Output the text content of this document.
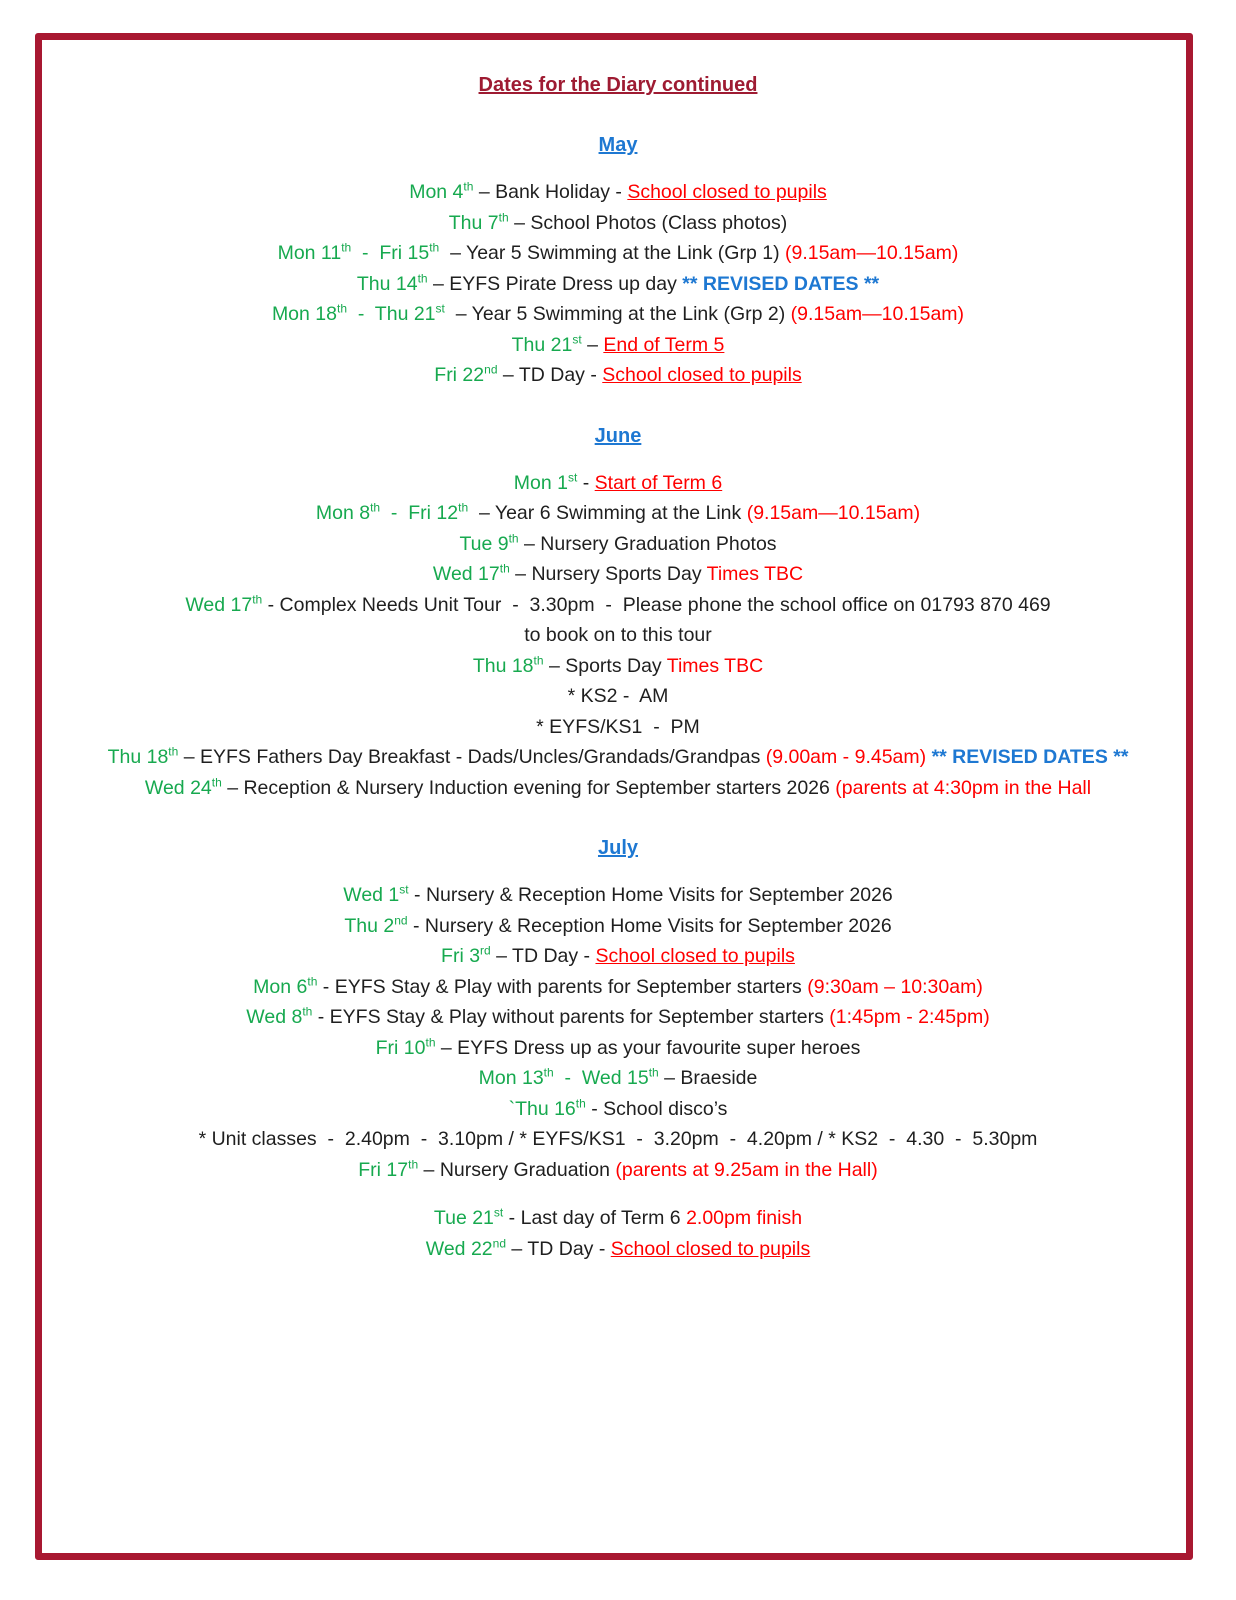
Dates for the Diary continued
May
Mon 4th – Bank Holiday - School closed to pupils
Thu 7th – School Photos (Class photos)
Mon 11th  -  Fri 15th  – Year 5 Swimming at the Link (Grp 1) (9.15am—10.15am)
Thu 14th – EYFS Pirate Dress up day ** REVISED DATES **
Mon 18th  -  Thu 21st  – Year 5 Swimming at the Link (Grp 2) (9.15am—10.15am)
Thu 21st – End of Term 5
Fri 22nd – TD Day - School closed to pupils
June
Mon 1st - Start of Term 6
Mon 8th  -  Fri 12th  – Year 6 Swimming at the Link (9.15am—10.15am)
Tue 9th – Nursery Graduation Photos
Wed 17th – Nursery Sports Day Times TBC
Wed 17th - Complex Needs Unit Tour  -  3.30pm  -  Please phone the school office on 01793 870 469
to book on to this tour
Thu 18th – Sports Day Times TBC
* KS2 -  AM
* EYFS/KS1  -  PM
Thu 18th – EYFS Fathers Day Breakfast - Dads/Uncles/Grandads/Grandpas (9.00am - 9.45am) ** REVISED DATES **
Wed 24th – Reception & Nursery Induction evening for September starters 2026 (parents at 4:30pm in the Hall
July
Wed 1st - Nursery & Reception Home Visits for September 2026
Thu 2nd - Nursery & Reception Home Visits for September 2026
Fri 3rd – TD Day - School closed to pupils
Mon 6th - EYFS Stay & Play with parents for September starters (9:30am – 10:30am)
Wed 8th - EYFS Stay & Play without parents for September starters (1:45pm - 2:45pm)
Fri 10th – EYFS Dress up as your favourite super heroes
Mon 13th  -  Wed 15th – Braeside
`Thu 16th - School disco’s
* Unit classes  -  2.40pm  -  3.10pm / * EYFS/KS1  -  3.20pm  -  4.20pm / * KS2  -  4.30  -  5.30pm
Fri 17th – Nursery Graduation (parents at 9.25am in the Hall)
Tue 21st - Last day of Term 6 2.00pm finish
Wed 22nd – TD Day - School closed to pupils
